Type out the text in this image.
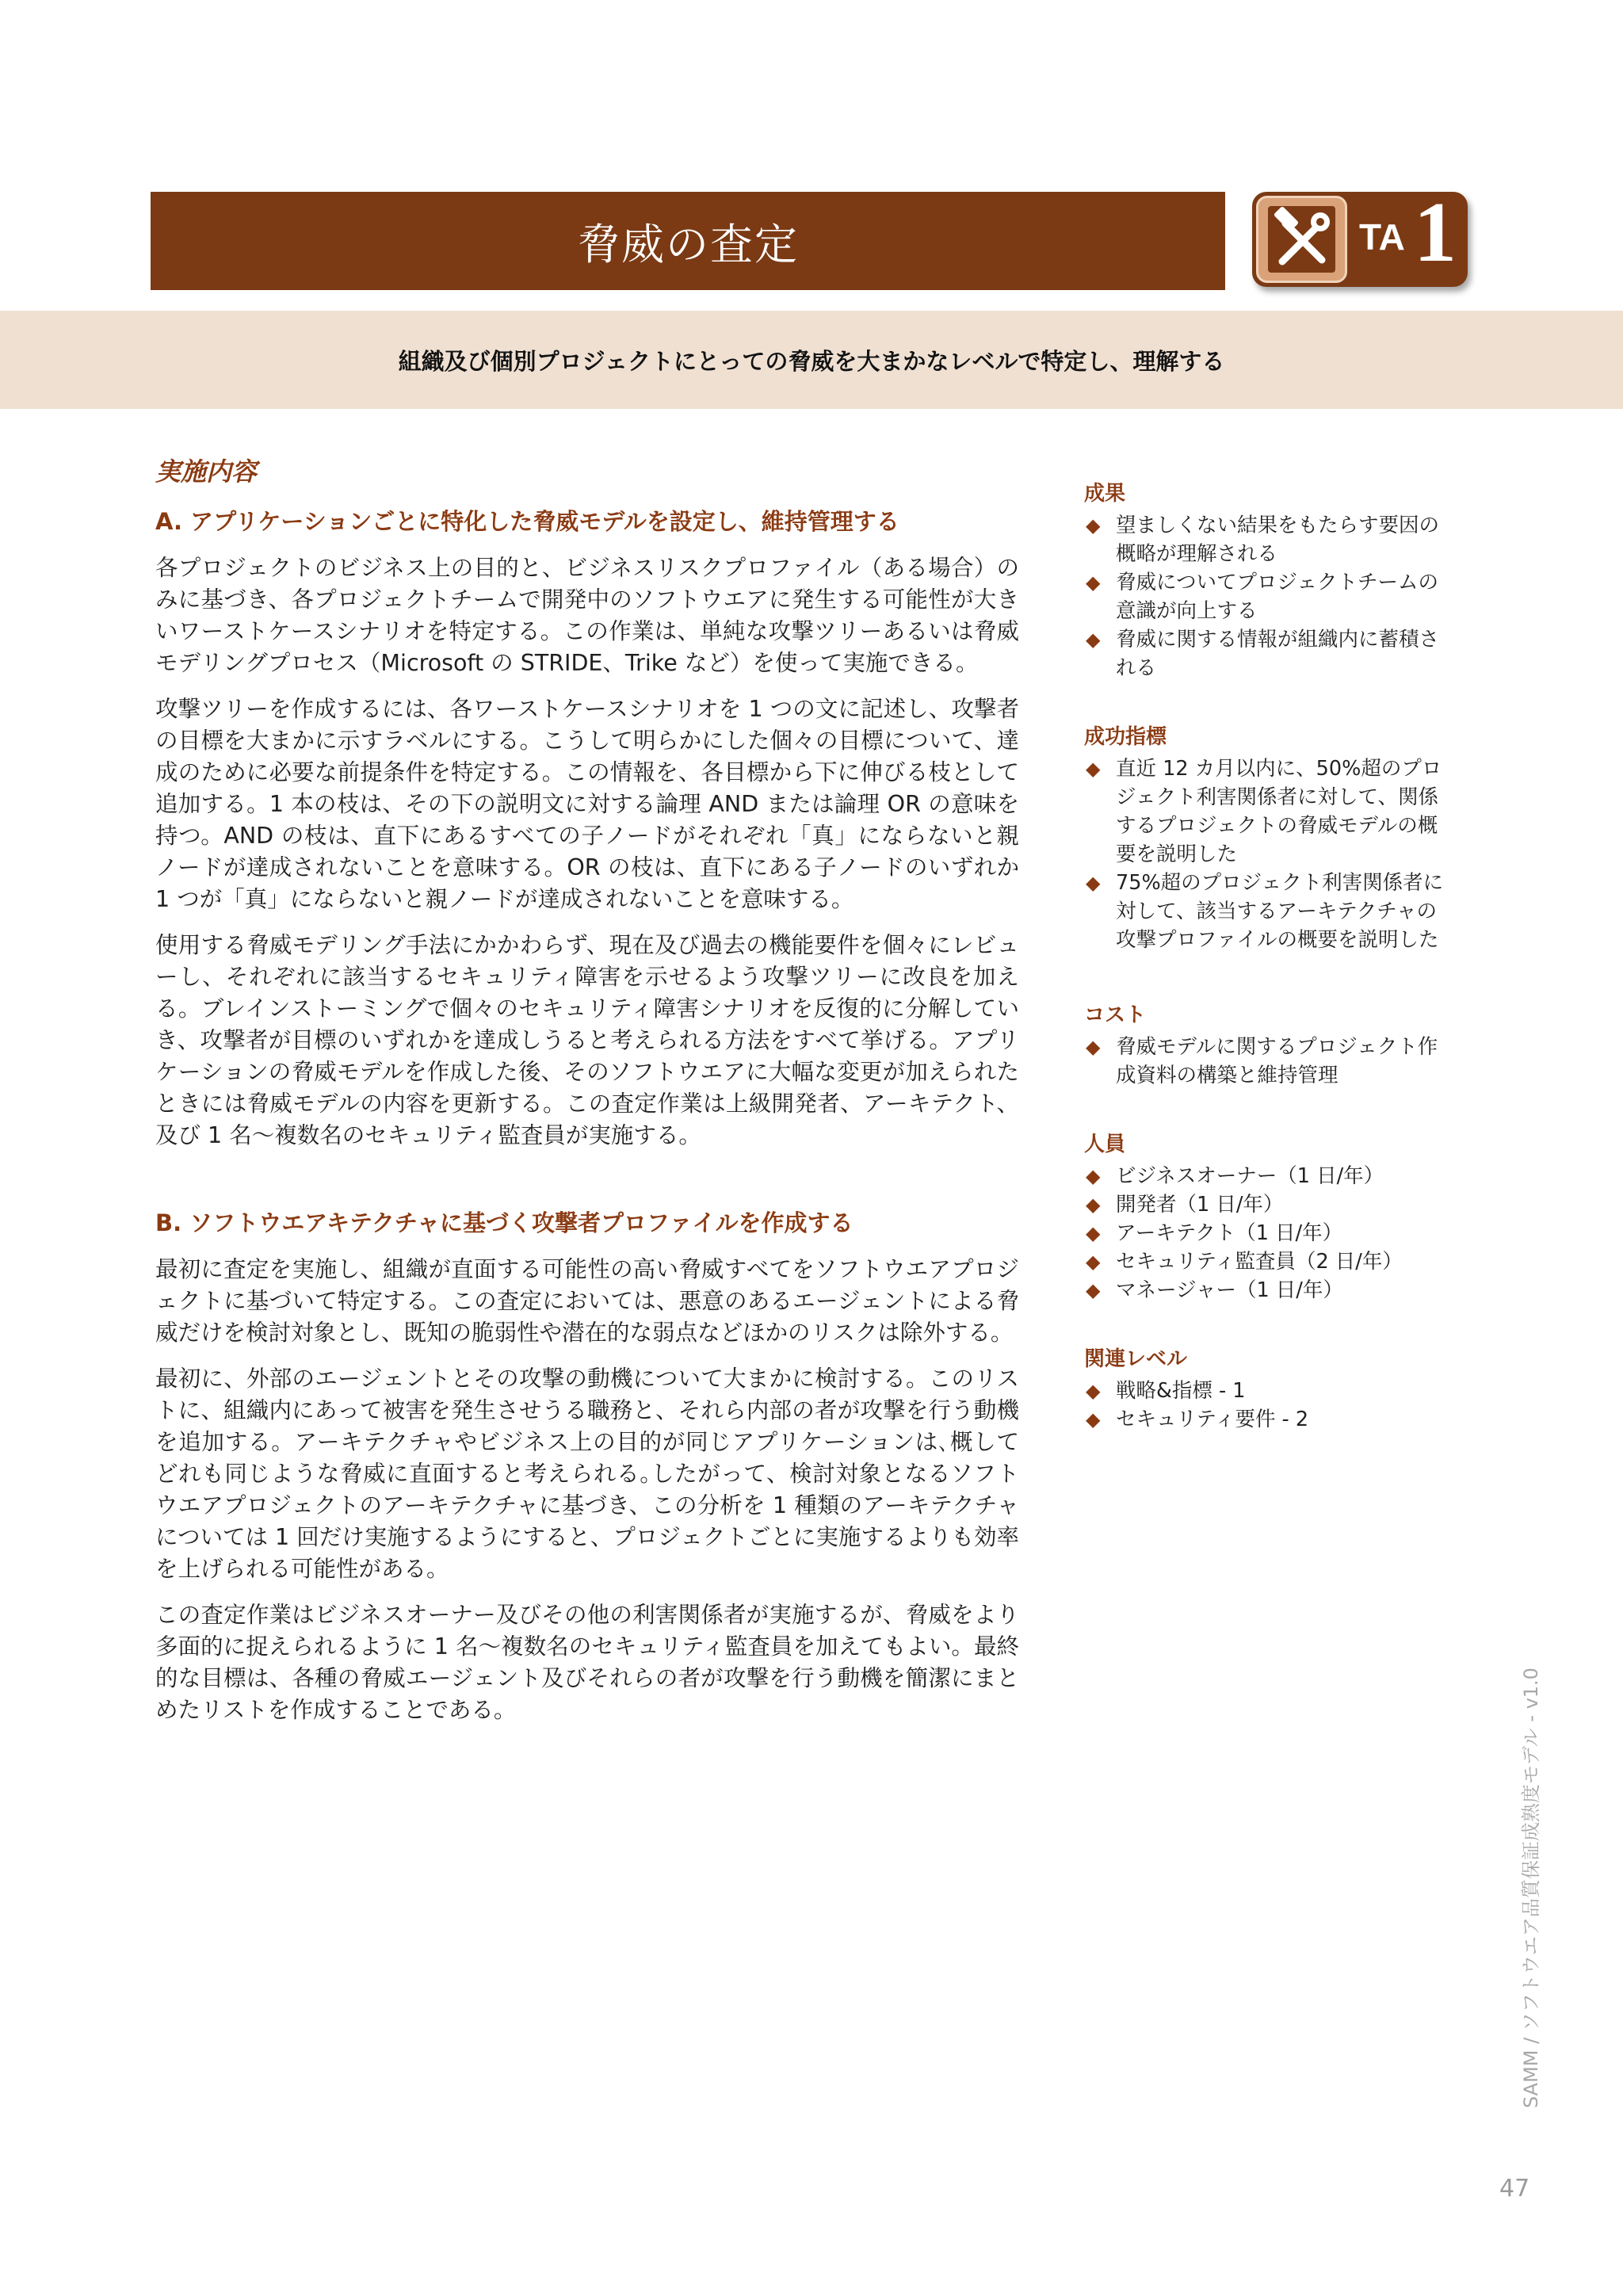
脅威の査定	TA 1

組織及び個別プロジェクトにとっての脅威を大まかなレベルで特定し、理解する

実施内容
A. アプリケーションごとに特化した脅威モデルを設定し、維持管理する

各プロジェクトのビジネス上の目的と、ビジネスリスクプロファイル（ある場合）のみに基づき、各プロジェクトチームで開発中のソフトウエアに発生する可能性が大きいワーストケースシナリオを特定する。この作業は、単純な攻撃ツリーあるいは脅威モデリングプロセス（Microsoft の STRIDE、Trike など）を使って実施できる。

攻撃ツリーを作成するには、各ワーストケースシナリオを 1 つの文に記述し、攻撃者の目標を大まかに示すラベルにする。こうして明らかにした個々の目標について、達成のために必要な前提条件を特定する。この情報を、各目標から下に伸びる枝として追加する。1 本の枝は、その下の説明文に対する論理 AND または論理 OR の意味を持つ。AND の枝は、直下にあるすべての子ノードがそれぞれ「真」にならないと親ノードが達成されないことを意味する。OR の枝は、直下にある子ノードのいずれか 1 つが「真」にならないと親ノードが達成されないことを意味する。

使用する脅威モデリング手法にかかわらず、現在及び過去の機能要件を個々にレビューし、それぞれに該当するセキュリティ障害を示せるよう攻撃ツリーに改良を加える。ブレインストーミングで個々のセキュリティ障害シナリオを反復的に分解していき、攻撃者が目標のいずれかを達成しうると考えられる方法をすべて挙げる。アプリケーションの脅威モデルを作成した後、そのソフトウエアに大幅な変更が加えられたときには脅威モデルの内容を更新する。この査定作業は上級開発者、アーキテクト、及び 1 名〜複数名のセキュリティ監査員が実施する。

B. ソフトウエアキテクチャに基づく攻撃者プロファイルを作成する

最初に査定を実施し、組織が直面する可能性の高い脅威すべてをソフトウエアプロジェクトに基づいて特定する。この査定においては、悪意のあるエージェントによる脅威だけを検討対象とし、既知の脆弱性や潜在的な弱点などほかのリスクは除外する。

最初に、外部のエージェントとその攻撃の動機について大まかに検討する。このリストに、組織内にあって被害を発生させうる職務と、それら内部の者が攻撃を行う動機を追加する。アーキテクチャやビジネス上の目的が同じアプリケーションは､概してどれも同じような脅威に直面すると考えられる｡したがって、検討対象となるソフトウエアプロジェクトのアーキテクチャに基づき、この分析を 1 種類のアーキテクチャについては 1 回だけ実施するようにすると、プロジェクトごとに実施するよりも効率を上げられる可能性がある。

この査定作業はビジネスオーナー及びその他の利害関係者が実施するが、脅威をより多面的に捉えられるように 1 名〜複数名のセキュリティ監査員を加えてもよい。最終的な目標は、各種の脅威エージェント及びそれらの者が攻撃を行う動機を簡潔にまとめたリストを作成することである。

成果
◆ 望ましくない結果をもたらす要因の概略が理解される
◆ 脅威についてプロジェクトチームの意識が向上する
◆ 脅威に関する情報が組織内に蓄積される
成功指標
◆ 直近 12 カ月以内に、50%超のプロジェクト利害関係者に対して、関係するプロジェクトの脅威モデルの概要を説明した
◆ 75%超のプロジェクト利害関係者に対して、該当するアーキテクチャの攻撃プロファイルの概要を説明した
コスト
◆ 脅威モデルに関するプロジェクト作成資料の構築と維持管理
人員
◆ ビジネスオーナー（1 日/年）
◆ 開発者（1 日/年）
◆ アーキテクト（1 日/年）
◆ セキュリティ監査員（2 日/年）
◆ マネージャー（1 日/年）
関連レベル
◆ 戦略&指標 - 1
◆ セキュリティ要件 - 2
SAMM / ソフトウエア品質保証成熟度モデル - v1.0
47
